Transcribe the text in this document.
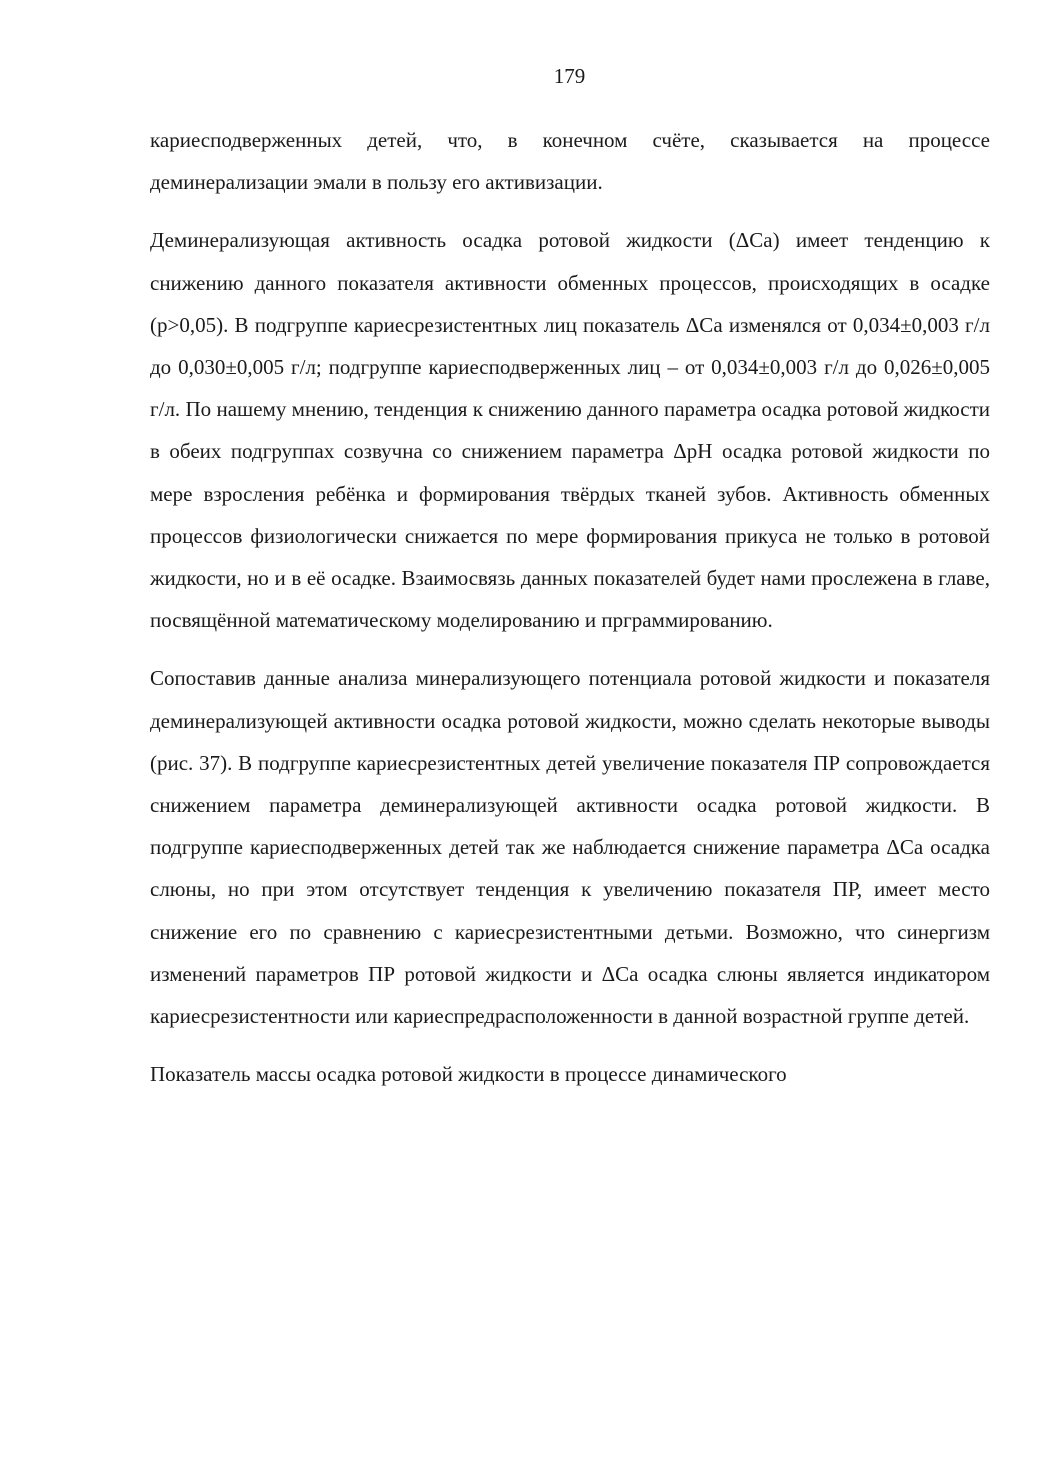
179

кариесподверженных детей, что, в конечном счёте, сказывается на процессе деминерализации эмали в пользу его активизации.

Деминерализующая активность осадка ротовой жидкости (ΔCa) имеет тенденцию к снижению данного показателя активности обменных процессов, происходящих в осадке (p>0,05). В подгруппе кариесрезистентных лиц показатель ΔCa изменялся от 0,034±0,003 г/л до 0,030±0,005 г/л; подгруппе кариесподверженных лиц – от 0,034±0,003 г/л до 0,026±0,005 г/л. По нашему мнению, тенденция к снижению данного параметра осадка ротовой жидкости в обеих подгруппах созвучна со снижением параметра ΔpH осадка ротовой жидкости по мере взросления ребёнка и формирования твёрдых тканей зубов. Активность обменных процессов физиологически снижается по мере формирования прикуса не только в ротовой жидкости, но и в её осадке. Взаимосвязь данных показателей будет нами прослежена в главе, посвящённой математическому моделированию и прграммированию.

Сопоставив данные анализа минерализующего потенциала ротовой жидкости и показателя деминерализующей активности осадка ротовой жидкости, можно сделать некоторые выводы (рис. 37). В подгруппе кариесрезистентных детей увеличение показателя ПР сопровождается снижением параметра деминерализующей активности осадка ротовой жидкости. В подгруппе кариесподверженных детей так же наблюдается снижение параметра ΔCa осадка слюны, но при этом отсутствует тенденция к увеличению показателя ПР, имеет место снижение его по сравнению с кариесрезистентными детьми. Возможно, что синергизм изменений параметров ПР ротовой жидкости и ΔCa осадка слюны является индикатором кариесрезистентности или кариеспредрасположенности в данной возрастной группе детей.

Показатель массы осадка ротовой жидкости в процессе динамического
